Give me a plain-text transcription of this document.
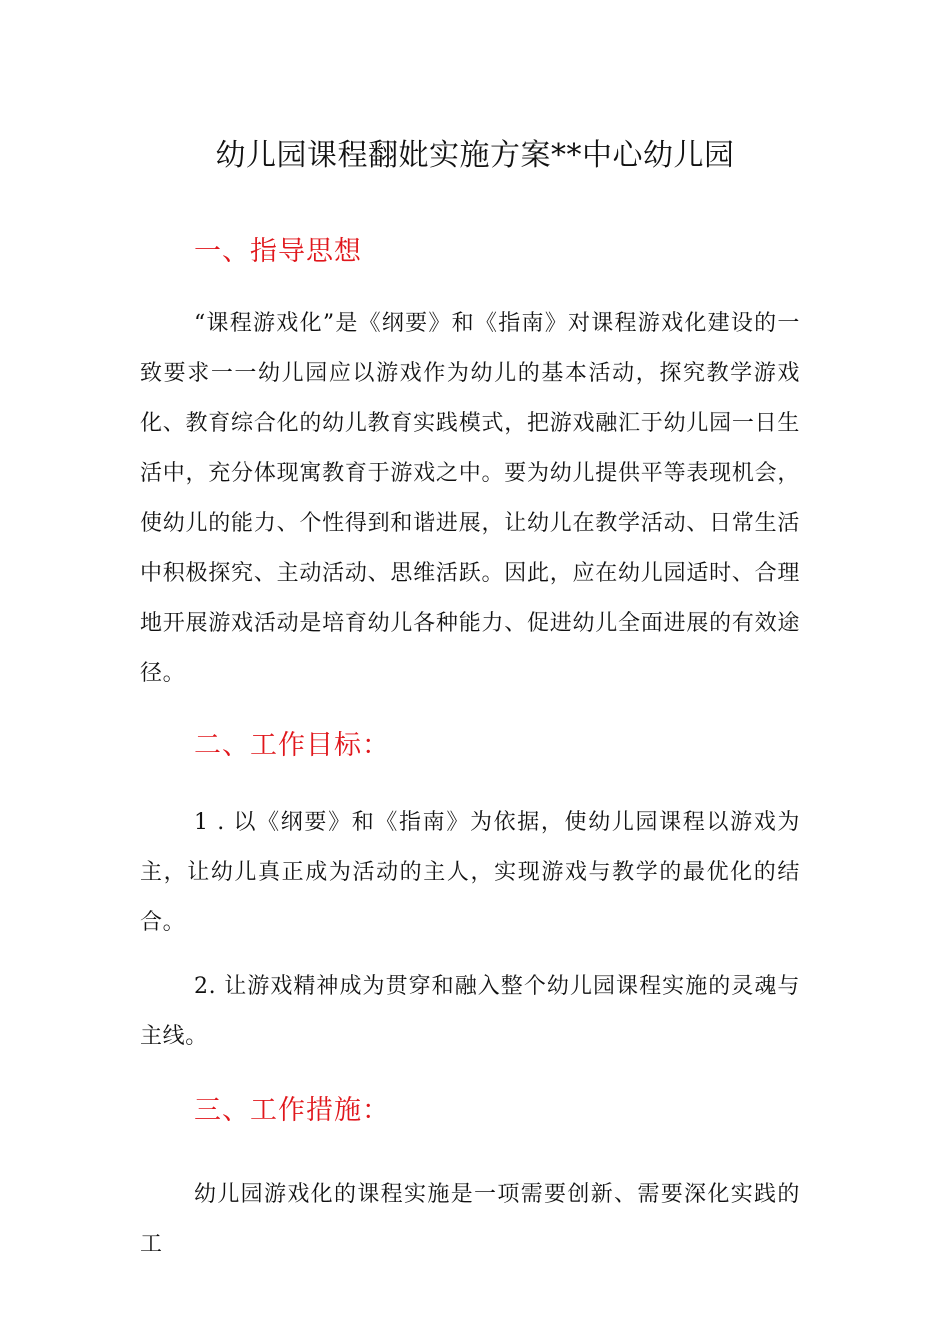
幼儿园课程翻妣实施方案**中心幼儿园
一、指导思想

“课程游戏化”是《纲要》和《指南》对课程游戏化建设的一致要求一一幼儿园应以游戏作为幼儿的基本活动，探究教学游戏化、教育综合化的幼儿教育实践模式，把游戏融汇于幼儿园一日生活中，充分体现寓教育于游戏之中。要为幼儿提供平等表现机会，使幼儿的能力、个性得到和谐进展，让幼儿在教学活动、日常生活中积极探究、主动活动、思维活跃。因此，应在幼儿园适时、合理地开展游戏活动是培育幼儿各种能力、促进幼儿全面进展的有效途径。

二、工作目标：

1 . 以《纲要》和《指南》为依据，使幼儿园课程以游戏为主，让幼儿真正成为活动的主人，实现游戏与教学的最优化的结合。

2. 让游戏精神成为贯穿和融入整个幼儿园课程实施的灵魂与主线。

三、工作措施：

幼儿园游戏化的课程实施是一项需要创新、需要深化实践的工
